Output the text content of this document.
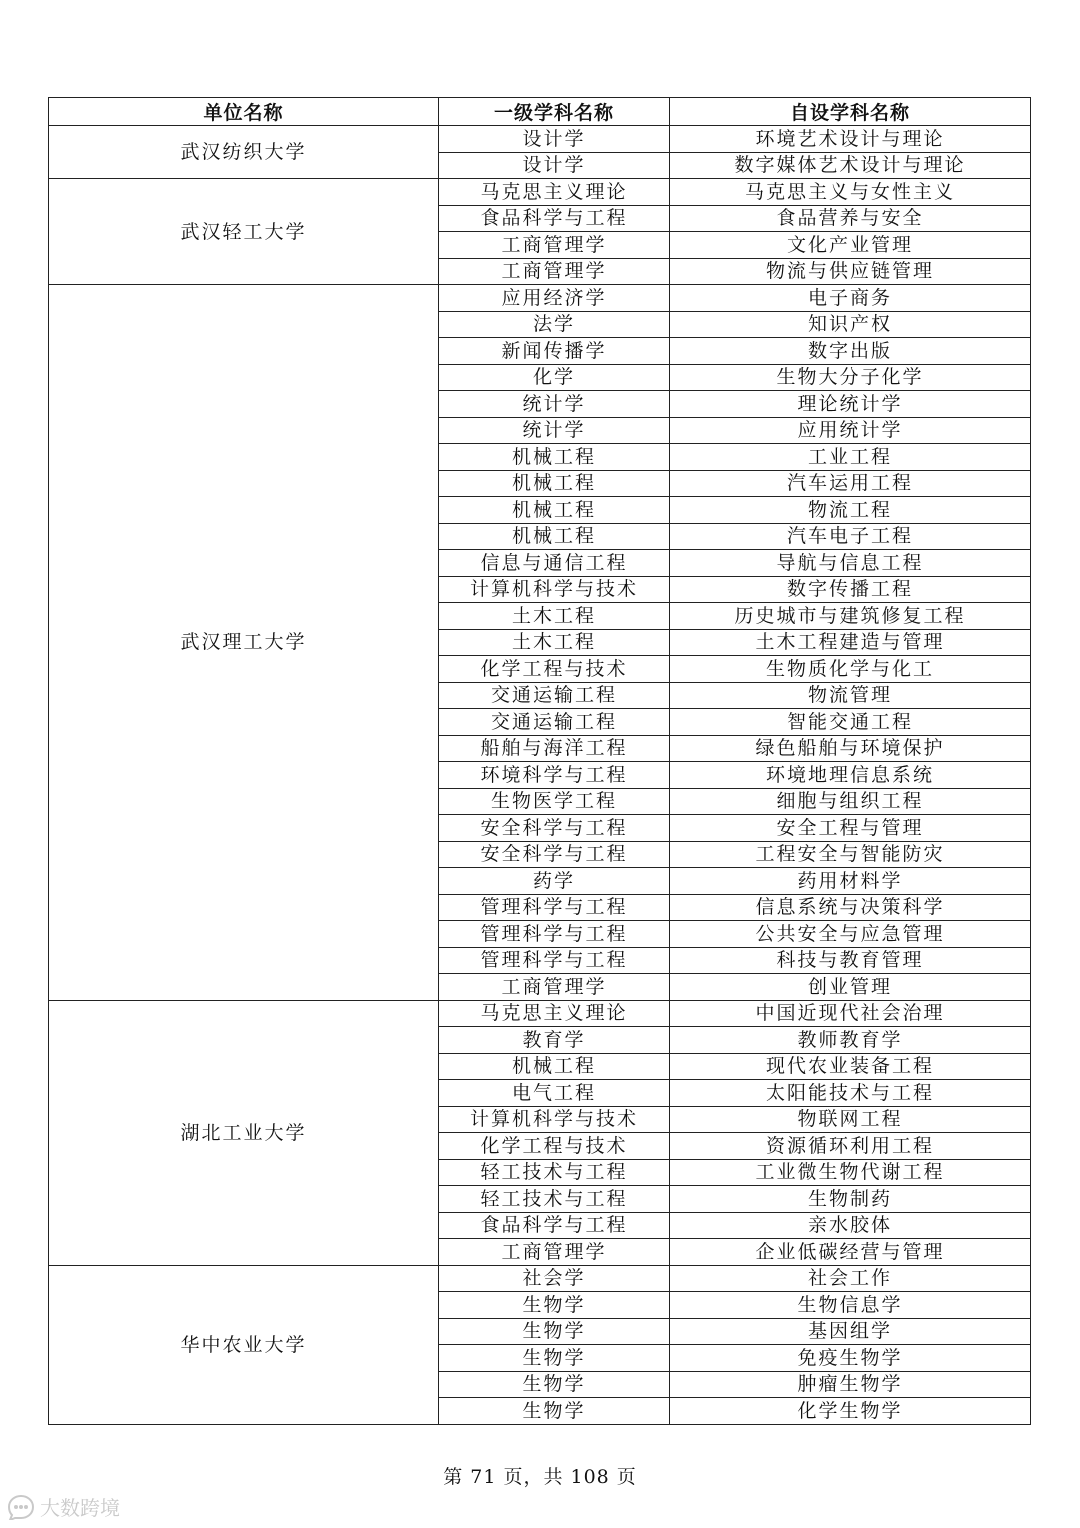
单位名称	一级学科名称	自设学科名称
武汉纺织大学	设计学	环境艺术设计与理论
	设计学	数字媒体艺术设计与理论
武汉轻工大学	马克思主义理论	马克思主义与女性主义
	食品科学与工程	食品营养与安全
	工商管理学	文化产业管理
	工商管理学	物流与供应链管理
武汉理工大学	应用经济学	电子商务
	法学	知识产权
	新闻传播学	数字出版
	化学	生物大分子化学
	统计学	理论统计学
	统计学	应用统计学
	机械工程	工业工程
	机械工程	汽车运用工程
	机械工程	物流工程
	机械工程	汽车电子工程
	信息与通信工程	导航与信息工程
	计算机科学与技术	数字传播工程
	土木工程	历史城市与建筑修复工程
	土木工程	土木工程建造与管理
	化学工程与技术	生物质化学与化工
	交通运输工程	物流管理
	交通运输工程	智能交通工程
	船舶与海洋工程	绿色船舶与环境保护
	环境科学与工程	环境地理信息系统
	生物医学工程	细胞与组织工程
	安全科学与工程	安全工程与管理
	安全科学与工程	工程安全与智能防灾
	药学	药用材料学
	管理科学与工程	信息系统与决策科学
	管理科学与工程	公共安全与应急管理
	管理科学与工程	科技与教育管理
	工商管理学	创业管理
湖北工业大学	马克思主义理论	中国近现代社会治理
	教育学	教师教育学
	机械工程	现代农业装备工程
	电气工程	太阳能技术与工程
	计算机科学与技术	物联网工程
	化学工程与技术	资源循环利用工程
	轻工技术与工程	工业微生物代谢工程
	轻工技术与工程	生物制药
	食品科学与工程	亲水胶体
	工商管理学	企业低碳经营与管理
华中农业大学	社会学	社会工作
	生物学	生物信息学
	生物学	基因组学
	生物学	免疫生物学
	生物学	肿瘤生物学
	生物学	化学生物学
第 71 页，共 108 页
大数跨境
